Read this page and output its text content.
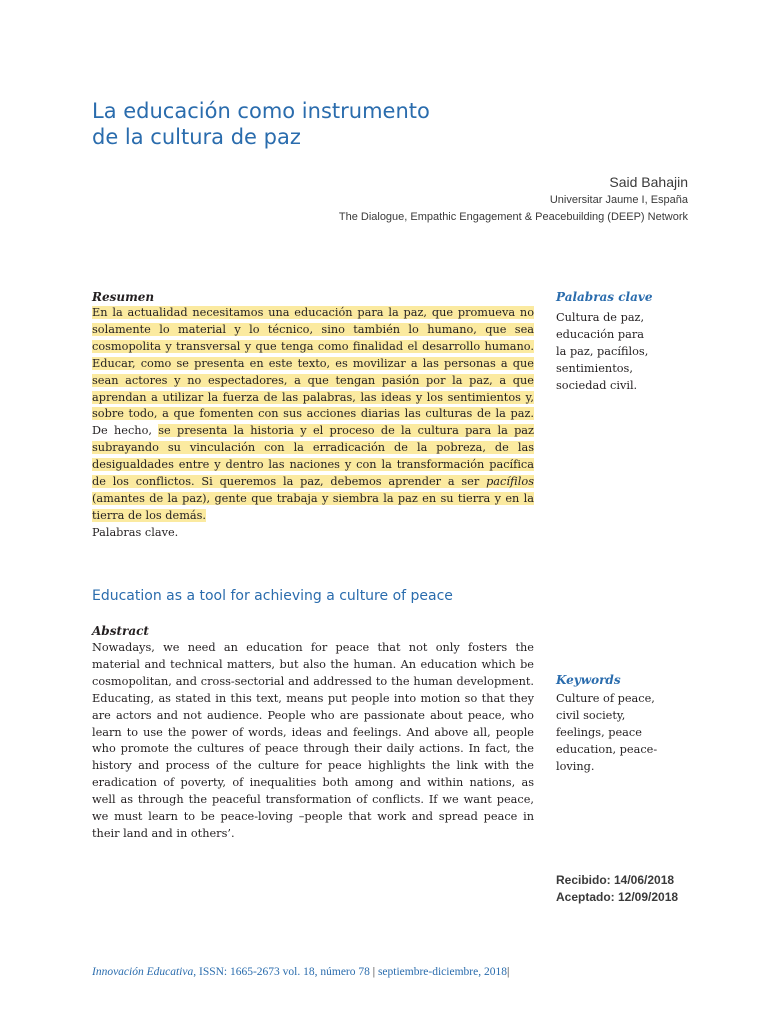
La educación como instrumento
de la cultura de paz
Said Bahajin
Universitar Jaume I, España
The Dialogue, Empathic Engagement & Peacebuilding (DEEP) Network
Resumen
En la actualidad necesitamos una educación para la paz, que promueva no solamente lo material y lo técnico, sino también lo humano, que sea cosmopolita y transversal y que tenga como finalidad el desarrollo humano. Educar, como se presenta en este texto, es movilizar a las personas a que sean actores y no espectadores, a que tengan pasión por la paz, a que aprendan a utilizar la fuerza de las palabras, las ideas y los sentimientos y, sobre todo, a que fomenten con sus acciones diarias las culturas de la paz. De hecho, se presenta la historia y el proceso de la cultura para la paz subrayando su vinculación con la erradicación de la pobreza, de las desigualdades entre y dentro las naciones y con la transformación pacífica de los conflictos. Si queremos la paz, debemos aprender a ser pacífilos (amantes de la paz), gente que trabaja y siembra la paz en su tierra y en la tierra de los demás.
Palabras clave.
Palabras clave
Cultura de paz,
educación para
la paz, pacífilos,
sentimientos,
sociedad civil.
Education as a tool for achieving a culture of peace
Abstract
Nowadays, we need an education for peace that not only fosters the material and technical matters, but also the human. An education which be cosmopolitan, and cross-sectorial and addressed to the human development. Educating, as stated in this text, means put people into motion so that they are actors and not audience. People who are passionate about peace, who learn to use the power of words, ideas and feelings. And above all, people who promote the cultures of peace through their daily actions. In fact, the history and process of the culture for peace highlights the link with the eradication of poverty, of inequalities both among and within nations, as well as through the peaceful transformation of conflicts. If we want peace, we must learn to be peace-loving –people that work and spread peace in their land and in others’.
Keywords
Culture of peace,
civil society,
feelings, peace
education, peace-
loving.
Recibido: 14/06/2018
Aceptado: 12/09/2018
Innovación Educativa, ISSN: 1665-2673 vol. 18, número 78 | septiembre-diciembre, 2018|
